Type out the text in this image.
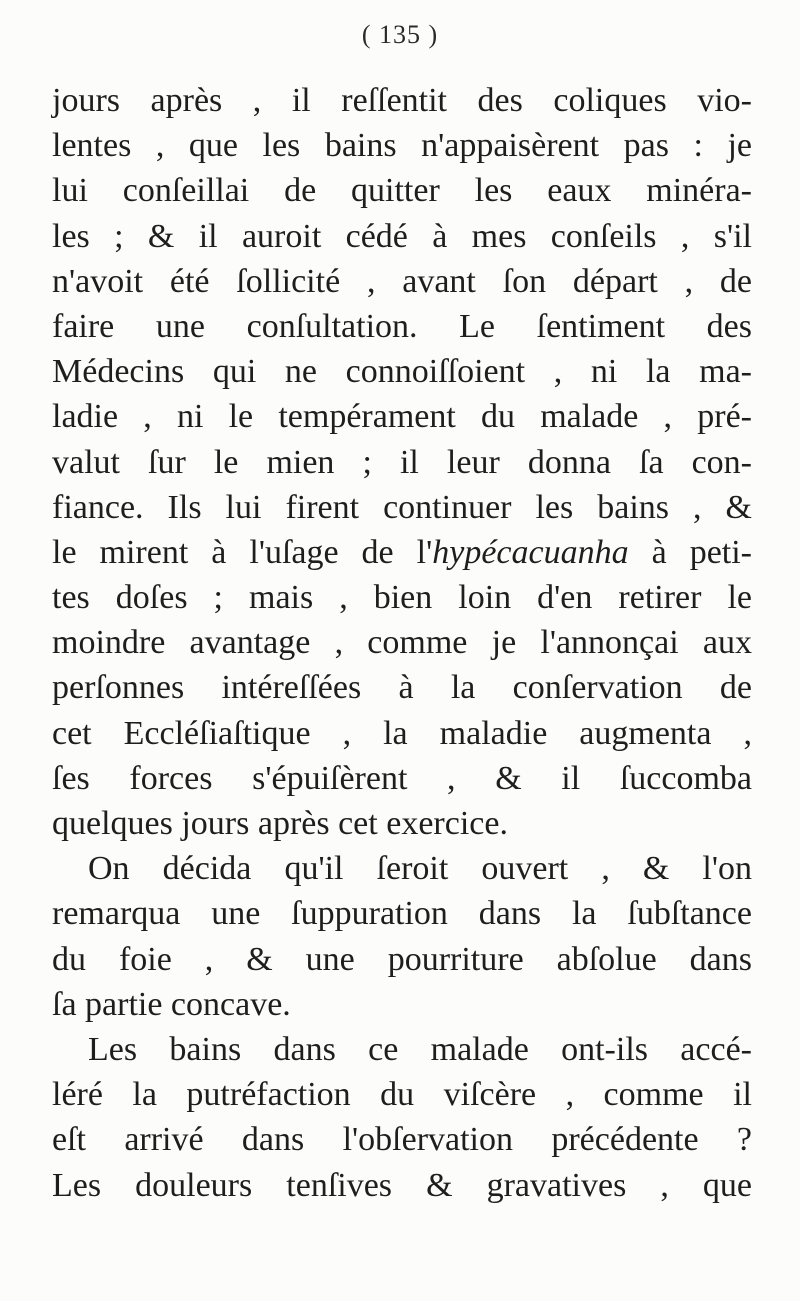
( 135 )
jours après , il reſſentit des coliques vio-
lentes , que les bains n'appaisèrent pas : je
lui conſeillai de quitter les eaux minéra-
les ; & il auroit cédé à mes conſeils , s'il
n'avoit été ſollicité , avant ſon départ , de
faire une conſultation. Le ſentiment des
Médecins qui ne connoiſſoient , ni la ma-
ladie , ni le tempérament du malade , pré-
valut ſur le mien ; il leur donna ſa con-
fiance. Ils lui firent continuer les bains , &
le mirent à l'uſage de l'hypécacuanha à peti-
tes doſes ; mais , bien loin d'en retirer le
moindre avantage , comme je l'annonçai aux
perſonnes intéreſſées à la conſervation de
cet Eccléſiaſtique , la maladie augmenta ,
ſes forces s'épuiſèrent , & il ſuccomba
quelques jours après cet exercice.
On décida qu'il ſeroit ouvert , & l'on
remarqua une ſuppuration dans la ſubſtance
du foie , & une pourriture abſolue dans
ſa partie concave.
Les bains dans ce malade ont-ils accé-
léré la putréfaction du viſcère , comme il
eſt arrivé dans l'obſervation précédente ?
Les douleurs tenſives & gravatives , que
